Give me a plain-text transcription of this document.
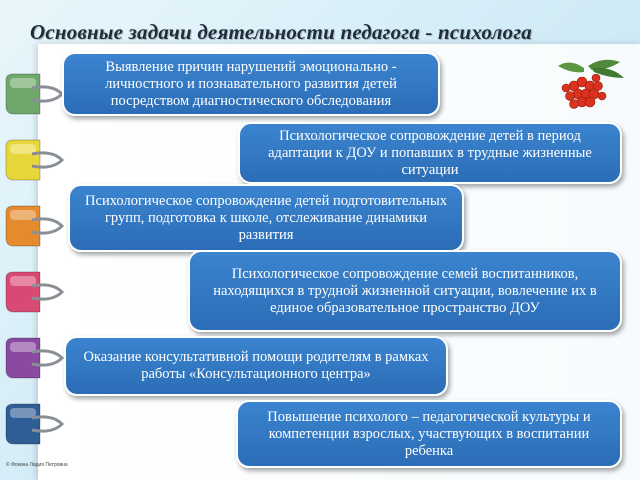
Основные задачи деятельности педагога - психолога
Выявление причин нарушений эмоционально - личностного и познавательного развития детей посредством диагностического обследования
Психологическое сопровождение детей в период адаптации к ДОУ и попавших в трудные жизненные ситуации
Психологическое сопровождение детей подготовительных групп, подготовка к школе, отслеживание динамики развития
Психологическое сопровождение семей воспитанников, находящихся в трудной жизненной ситуации, вовлечение их в единое образовательное пространство ДОУ
Оказание консультативной помощи родителям в рамках работы «Консультационного центра»
Повышение психолого – педагогической культуры и компетенции взрослых, участвующих в воспитании ребенка
© Фокина Лидия Петровна
